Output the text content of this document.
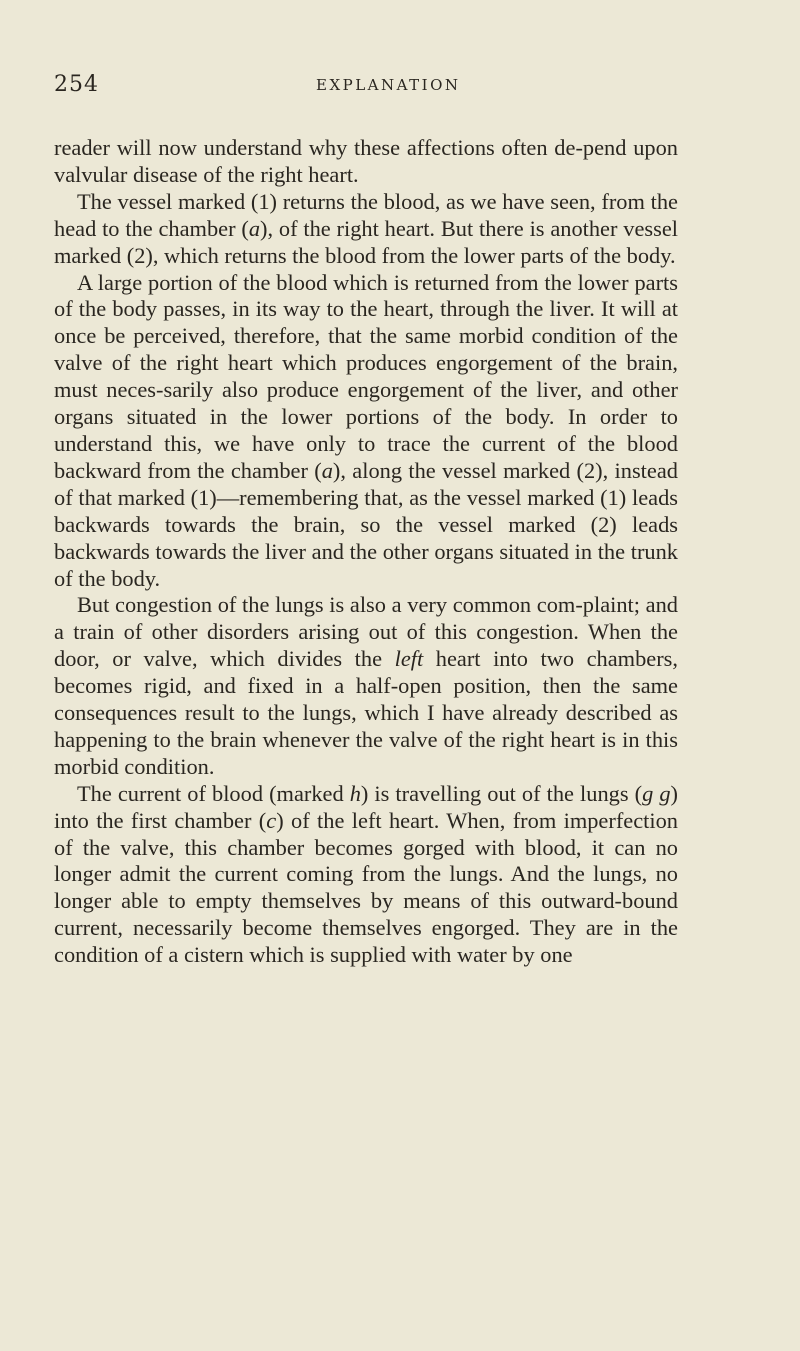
254	EXPLANATION

reader will now understand why these affections often de-pend upon valvular disease of the right heart.

The vessel marked (1) returns the blood, as we have seen, from the head to the chamber (a), of the right heart. But there is another vessel marked (2), which returns the blood from the lower parts of the body.

A large portion of the blood which is returned from the lower parts of the body passes, in its way to the heart, through the liver. It will at once be perceived, therefore, that the same morbid condition of the valve of the right heart which produces engorgement of the brain, must neces-sarily also produce engorgement of the liver, and other organs situated in the lower portions of the body. In order to understand this, we have only to trace the current of the blood backward from the chamber (a), along the vessel marked (2), instead of that marked (1)—remembering that, as the vessel marked (1) leads backwards towards the brain, so the vessel marked (2) leads backwards towards the liver and the other organs situated in the trunk of the body.

But congestion of the lungs is also a very common com-plaint; and a train of other disorders arising out of this congestion. When the door, or valve, which divides the left heart into two chambers, becomes rigid, and fixed in a half-open position, then the same consequences result to the lungs, which I have already described as happening to the brain whenever the valve of the right heart is in this morbid condition.

The current of blood (marked h) is travelling out of the lungs (g g) into the first chamber (c) of the left heart. When, from imperfection of the valve, this chamber becomes gorged with blood, it can no longer admit the current coming from the lungs. And the lungs, no longer able to empty themselves by means of this outward-bound current, necessarily become themselves engorged. They are in the condition of a cistern which is supplied with water by one
